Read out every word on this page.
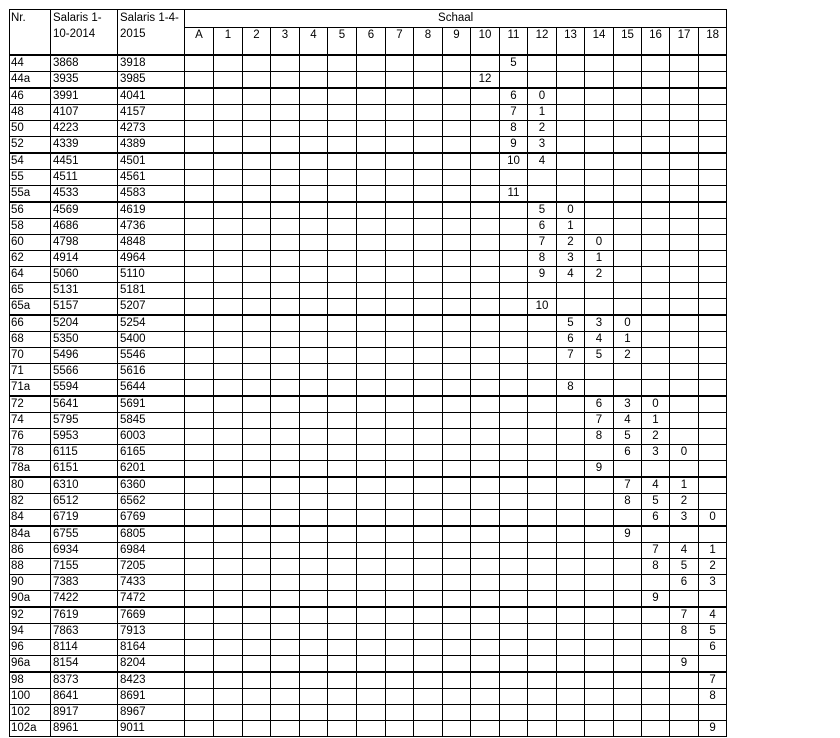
Nr.	Salaris 1-10-2014	Salaris 1-4-2015	Schaal																		
			A	1	2	3	4	5	6	7	8	9	10	11	12	13	14	15	16	17	18
44	3868	3918												5							
44a	3935	3985											12								
46	3991	4041												6	0						
48	4107	4157												7	1						
50	4223	4273												8	2						
52	4339	4389												9	3						
54	4451	4501												10	4						
55	4511	4561																			
55a	4533	4583												11							
56	4569	4619													5	0					
58	4686	4736													6	1					
60	4798	4848													7	2	0				
62	4914	4964													8	3	1				
64	5060	5110													9	4	2				
65	5131	5181																			
65a	5157	5207													10						
66	5204	5254														5	3	0			
68	5350	5400														6	4	1			
70	5496	5546														7	5	2			
71	5566	5616																			
71a	5594	5644														8					
72	5641	5691															6	3	0		
74	5795	5845															7	4	1		
76	5953	6003															8	5	2		
78	6115	6165																6	3	0	
78a	6151	6201															9				
80	6310	6360																7	4	1	
82	6512	6562																8	5	2	
84	6719	6769																	6	3	0
84a	6755	6805																9			
86	6934	6984																	7	4	1
88	7155	7205																	8	5	2
90	7383	7433																		6	3
90a	7422	7472																	9		
92	7619	7669																		7	4
94	7863	7913																		8	5
96	8114	8164																			6
96a	8154	8204																		9	
98	8373	8423																			7
100	8641	8691																			8
102	8917	8967																			
102a	8961	9011																			9
